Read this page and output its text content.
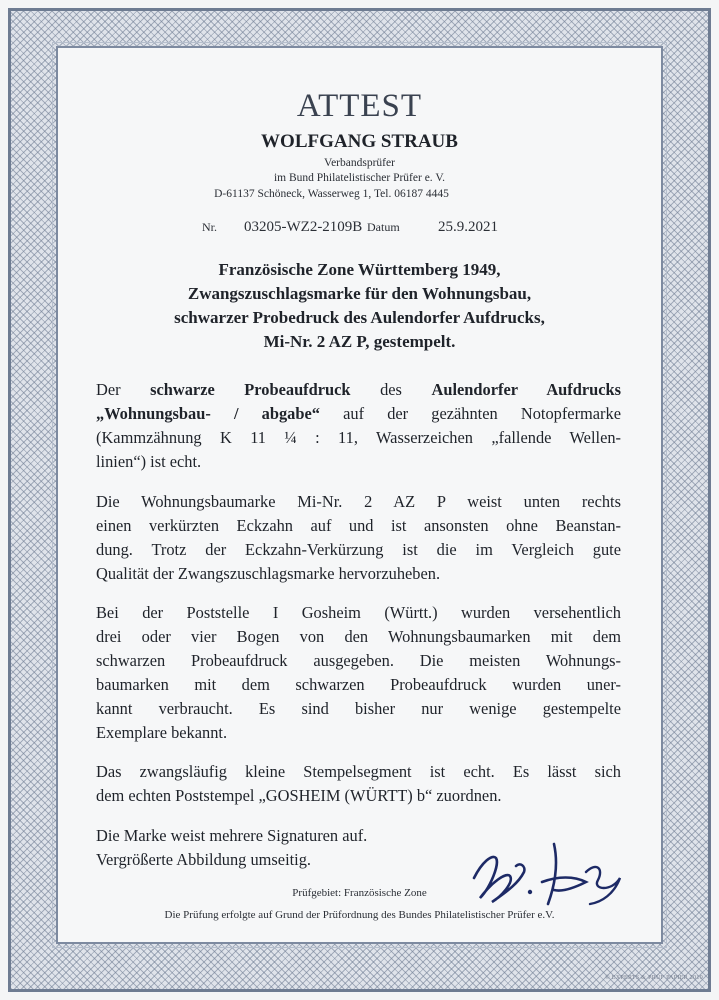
ATTEST
WOLFGANG STRAUB
Verbandsprüfer
im Bund Philatelistischer Prüfer e. V.
D-61137 Schöneck, Wasserweg 1, Tel. 06187 4445
Nr. 03205-WZ2-2109B Datum	25.9.2021
Französische Zone Württemberg 1949,
Zwangszuschlagsmarke für den Wohnungsbau,
schwarzer Probedruck des Aulendorfer Aufdrucks,
Mi-Nr. 2 AZ P, gestempelt.
Der schwarze Probeaufdruck des Aulendorfer Aufdrucks
„Wohnungsbau- / abgabe“ auf der gezähnten Notopfermarke
(Kammzähnung K 11 ¼ : 11, Wasserzeichen „fallende Wellen-
linien“) ist echt.
Die Wohnungsbaumarke Mi-Nr. 2 AZ P weist unten rechts
einen verkürzten Eckzahn auf und ist ansonsten ohne Beanstan-
dung. Trotz der Eckzahn-Verkürzung ist die im Vergleich gute
Qualität der Zwangszuschlagsmarke hervorzuheben.
Bei der Poststelle I Gosheim (Württ.) wurden versehentlich
drei oder vier Bogen von den Wohnungsbaumarken mit dem
schwarzen Probeaufdruck ausgegeben. Die meisten Wohnungs-
baumarken mit dem schwarzen Probeaufdruck wurden uner-
kannt verbraucht. Es sind bisher nur wenige gestempelte
Exemplare bekannt.
Das zwangsläufig kleine Stempelsegment ist echt. Es lässt sich
dem echten Poststempel „GOSHEIM (WÜRTT) b“ zuordnen.
Die Marke weist mehrere Signaturen auf.
Vergrößerte Abbildung umseitig.
Prüfgebiet: Französische Zone
Die Prüfung erfolgte auf Grund der Prüfordnung des Bundes Philatelistischer Prüfer e.V.
© EXPERTS & PRÜF PAPIER 2019
